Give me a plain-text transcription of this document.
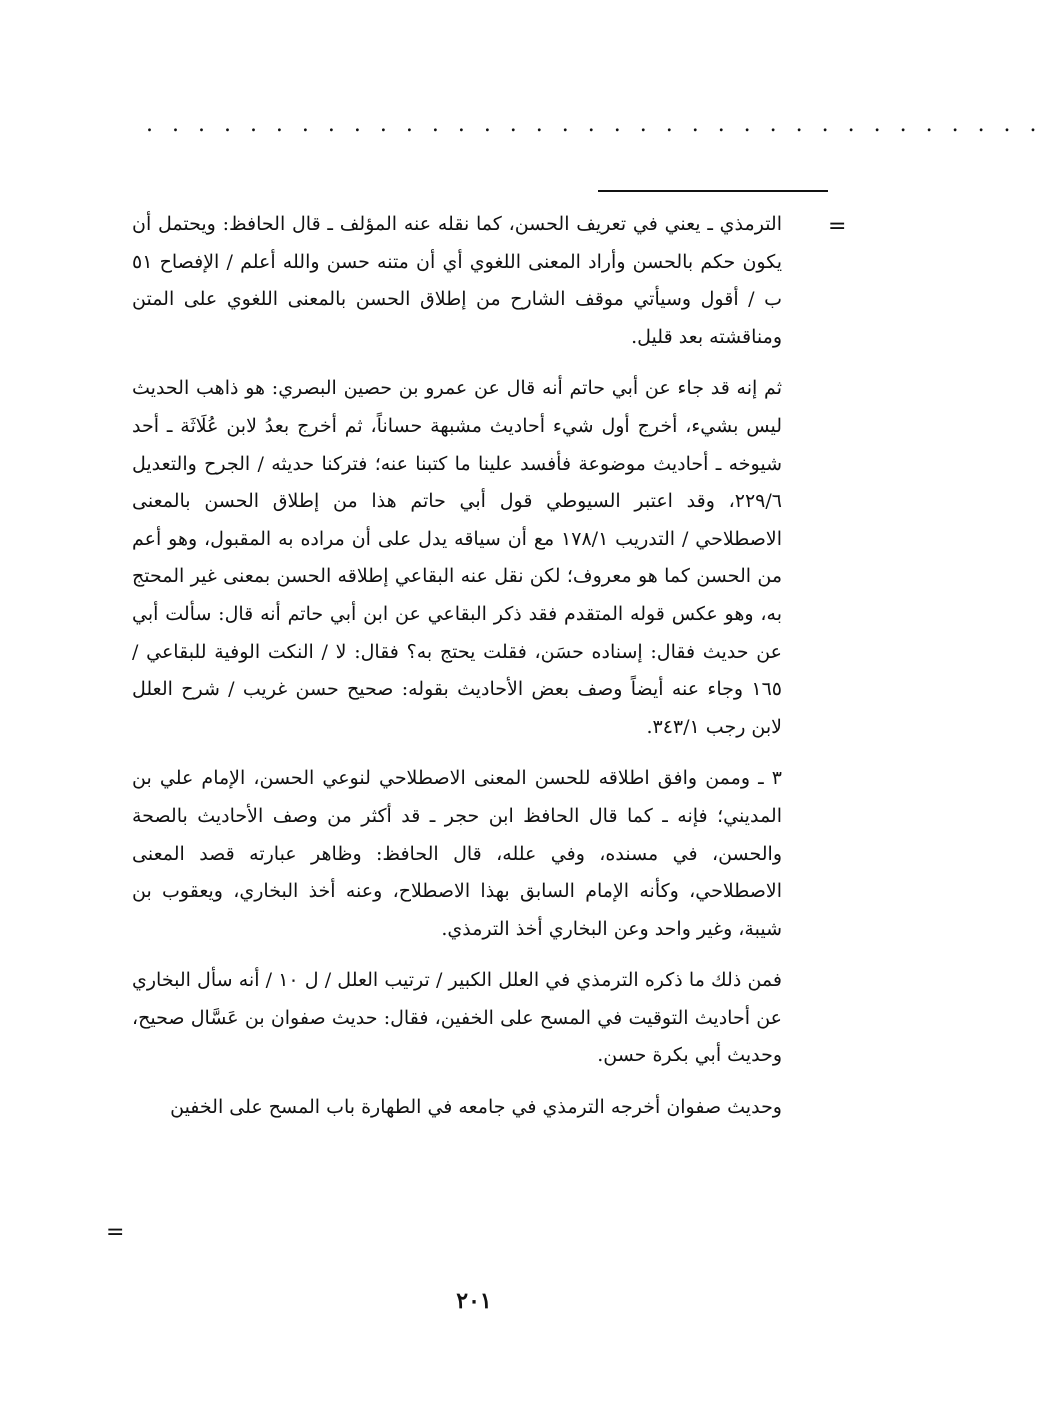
. . . . . . . . . . . . . . . . . . . . . . . . . . . . . . . . . . .
=

الترمذي ـ يعني في تعريف الحسن، كما نقله عنه المؤلف ـ قال الحافظ: ويحتمل أن يكون حكم بالحسن وأراد المعنى اللغوي أي أن متنه حسن والله أعلم / الإفصاح ٥١ ب / أقول وسيأتي موقف الشارح من إطلاق الحسن بالمعنى اللغوي على المتن ومناقشته بعد قليل.

ثم إنه قد جاء عن أبي حاتم أنه قال عن عمرو بن حصين البصري: هو ذاهب الحديث ليس بشيء، أخرج أول شيء أحاديث مشبهة حساناً، ثم أخرج بعدُ لابن عُلَاثَة ـ أحد شيوخه ـ أحاديث موضوعة فأفسد علينا ما كتبنا عنه؛ فتركنا حديثه / الجرح والتعديل ٢٢٩/٦، وقد اعتبر السيوطي قول أبي حاتم هذا من إطلاق الحسن بالمعنى الاصطلاحي / التدريب ١٧٨/١ مع أن سياقه يدل على أن مراده به المقبول، وهو أعم من الحسن كما هو معروف؛ لكن نقل عنه البقاعي إطلاقه الحسن بمعنى غير المحتج به، وهو عكس قوله المتقدم فقد ذكر البقاعي عن ابن أبي حاتم أنه قال: سألت أبي عن حديث فقال: إسناده حسَن، فقلت يحتج به؟ فقال: لا / النكت الوفية للبقاعي / ١٦٥ وجاء عنه أيضاً وصف بعض الأحاديث بقوله: صحيح حسن غريب / شرح العلل لابن رجب ٣٤٣/١.

٣ ـ وممن وافق اطلاقه للحسن المعنى الاصطلاحي لنوعي الحسن، الإمام علي بن المديني؛ فإنه ـ كما قال الحافظ ابن حجر ـ قد أكثر من وصف الأحاديث بالصحة والحسن، في مسنده، وفي علله، قال الحافظ: وظاهر عبارته قصد المعنى الاصطلاحي، وكأنه الإمام السابق بهذا الاصطلاح، وعنه أخذ البخاري، ويعقوب بن شيبة، وغير واحد وعن البخاري أخذ الترمذي.

فمن ذلك ما ذكره الترمذي في العلل الكبير / ترتيب العلل / ل ١٠ / أنه سأل البخاري عن أحاديث التوقيت في المسح على الخفين، فقال: حديث صفوان بن عَسَّال صحيح، وحديث أبي بكرة حسن.

وحديث صفوان أخرجه الترمذي في جامعه في الطهارة باب المسح على الخفين

=
٢٠١
